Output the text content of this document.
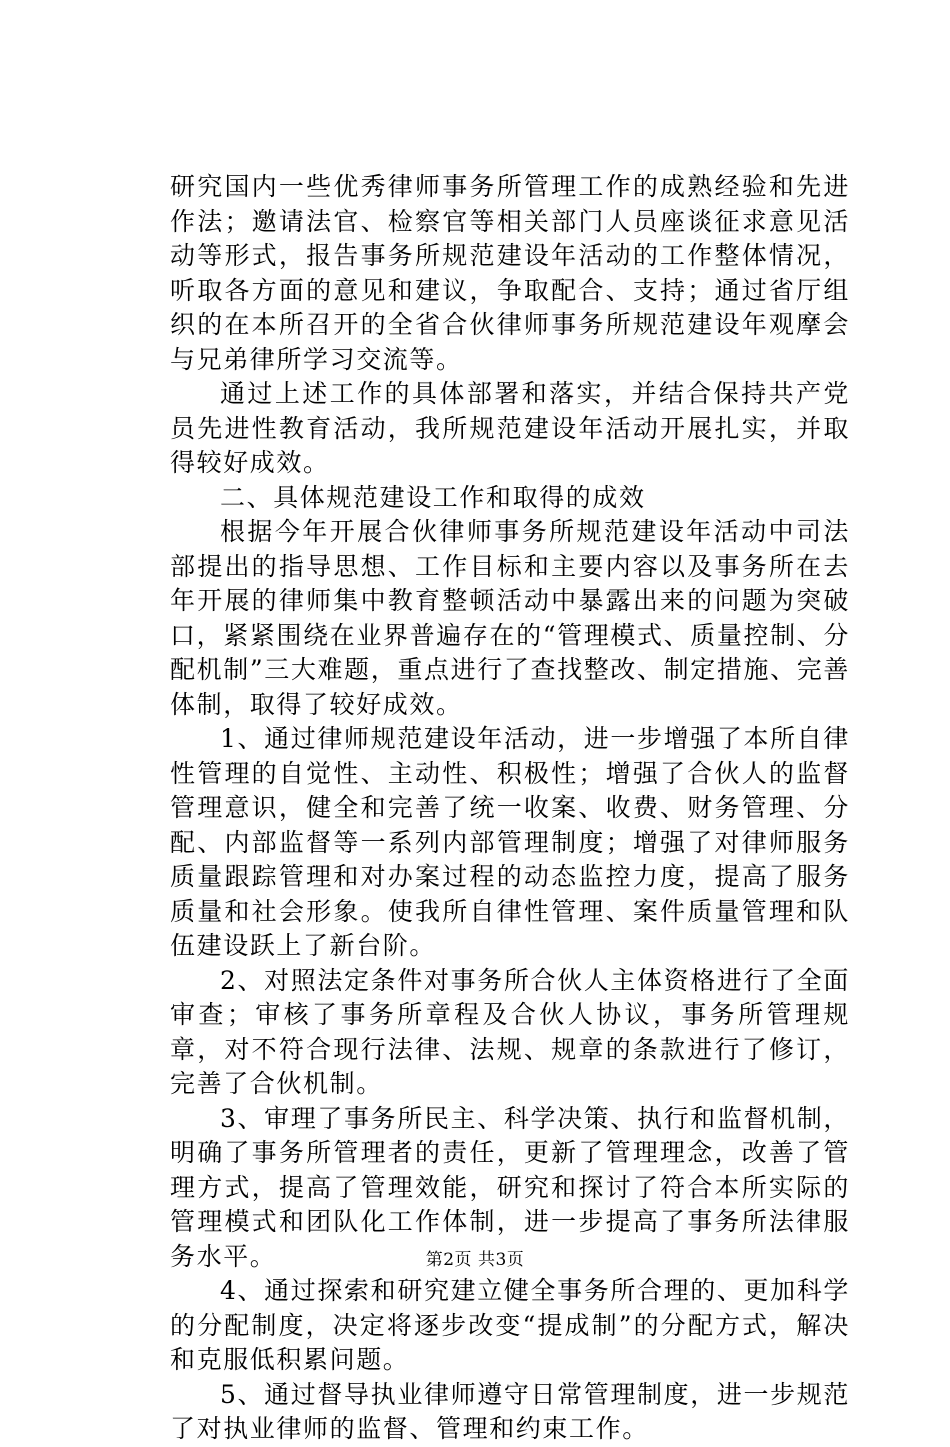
研究国内一些优秀律师事务所管理工作的成熟经验和先进作法；邀请法官、检察官等相关部门人员座谈征求意见活动等形式，报告事务所规范建设年活动的工作整体情况，听取各方面的意见和建议，争取配合、支持；通过省厅组织的在本所召开的全省合伙律师事务所规范建设年观摩会与兄弟律所学习交流等。

通过上述工作的具体部署和落实，并结合保持共产党员先进性教育活动，我所规范建设年活动开展扎实，并取得较好成效。

二、具体规范建设工作和取得的成效

根据今年开展合伙律师事务所规范建设年活动中司法部提出的指导思想、工作目标和主要内容以及事务所在去年开展的律师集中教育整顿活动中暴露出来的问题为突破口，紧紧围绕在业界普遍存在的“管理模式、质量控制、分配机制”三大难题，重点进行了查找整改、制定措施、完善体制，取得了较好成效。

1、通过律师规范建设年活动，进一步增强了本所自律性管理的自觉性、主动性、积极性；增强了合伙人的监督管理意识，健全和完善了统一收案、收费、财务管理、分配、内部监督等一系列内部管理制度；增强了对律师服务质量跟踪管理和对办案过程的动态监控力度，提高了服务质量和社会形象。使我所自律性管理、案件质量管理和队伍建设跃上了新台阶。

2、对照法定条件对事务所合伙人主体资格进行了全面审查；审核了事务所章程及合伙人协议，事务所管理规章，对不符合现行法律、法规、规章的条款进行了修订，完善了合伙机制。

3、审理了事务所民主、科学决策、执行和监督机制，明确了事务所管理者的责任，更新了管理理念，改善了管理方式，提高了管理效能，研究和探讨了符合本所实际的管理模式和团队化工作体制，进一步提高了事务所法律服务水平。

4、通过探索和研究建立健全事务所合理的、更加科学的分配制度，决定将逐步改变“提成制”的分配方式，解决和克服低积累问题。

5、通过督导执业律师遵守日常管理制度，进一步规范了对执业律师的监督、管理和约束工作。

第2页 共3页
